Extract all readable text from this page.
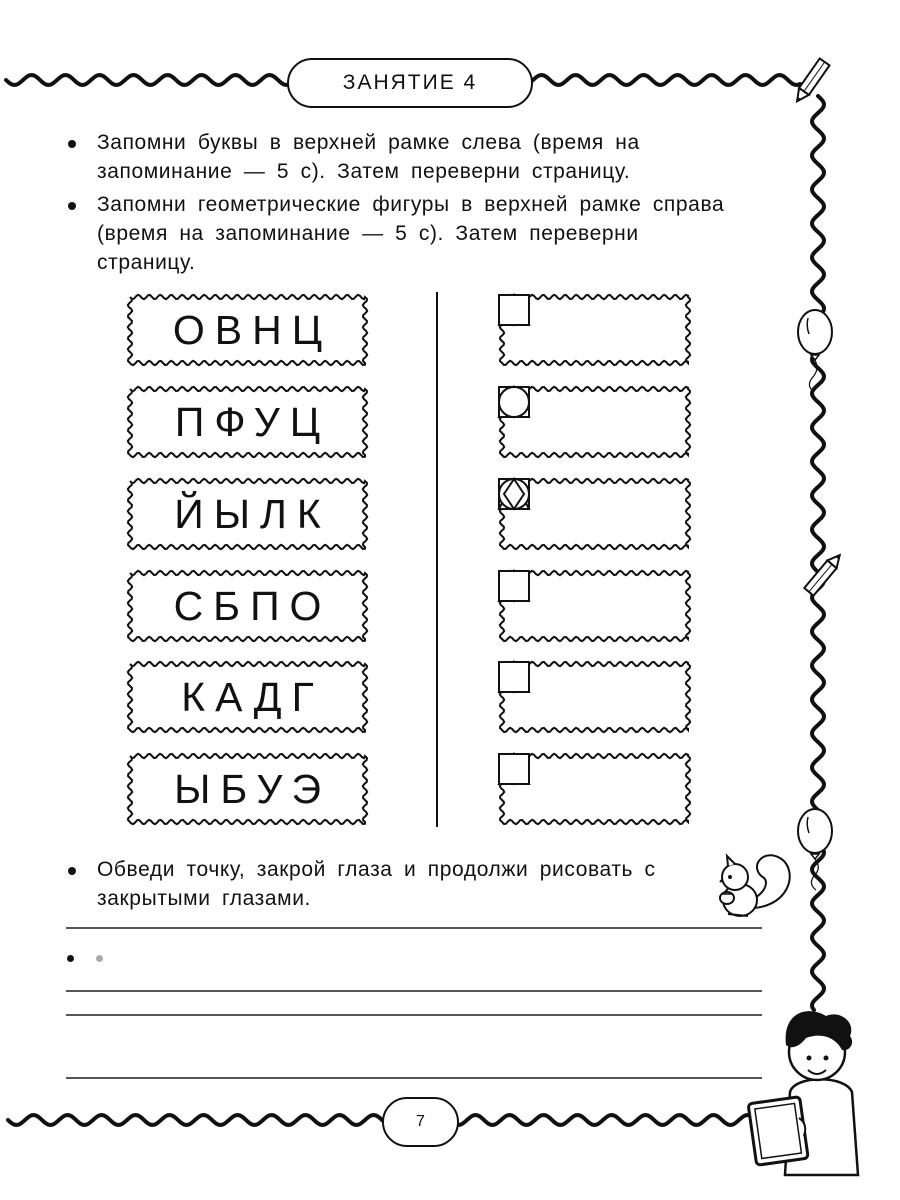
ЗАНЯТИЕ 4
Запомни буквы в верхней рамке слева (время на запоминание — 5 с). Затем переверни страницу.
Запомни геометрические фигуры в верхней рамке справа (время на запоминание — 5 с). Затем переверни страницу.
ОВНЦ
ПФУЦ
ЙЫЛК
СБПО
КАДГ
ЫБУЭ
Обведи точку, закрой глаза и продолжи рисовать с закрытыми глазами.
7
